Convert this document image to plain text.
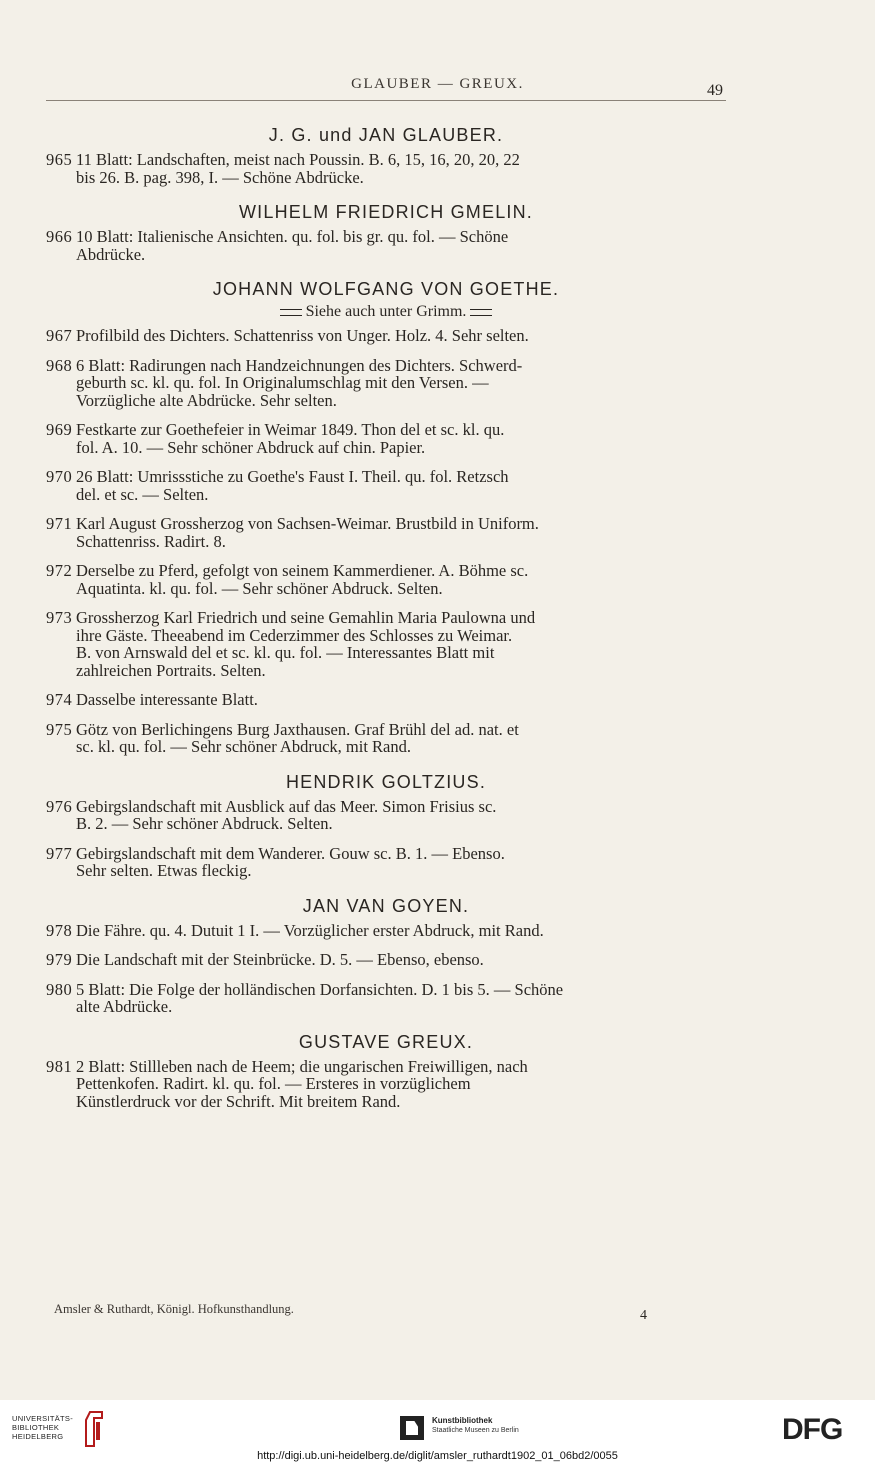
GLAUBER — GREUX.	49
J. G. und JAN GLAUBER.
965 11 Blatt: Landschaften, meist nach Poussin. B. 6, 15, 16, 20, 20, 22
bis 26. B. pag. 398, I. — Schöne Abdrücke.
WILHELM FRIEDRICH GMELIN.
966 10 Blatt: Italienische Ansichten. qu. fol. bis gr. qu. fol. — Schöne
Abdrücke.
JOHANN WOLFGANG VON GOETHE.
Siehe auch unter Grimm.
967 Profilbild des Dichters. Schattenriss von Unger. Holz. 4. Sehr selten.
968 6 Blatt: Radirungen nach Handzeichnungen des Dichters. Schwerd-
geburth sc. kl. qu. fol. In Originalumschlag mit den Versen. —
Vorzügliche alte Abdrücke. Sehr selten.
969 Festkarte zur Goethefeier in Weimar 1849. Thon del et sc. kl. qu.
fol. A. 10. — Sehr schöner Abdruck auf chin. Papier.
970 26 Blatt: Umrissstiche zu Goethe's Faust I. Theil. qu. fol. Retzsch
del. et sc. — Selten.
971 Karl August Grossherzog von Sachsen-Weimar. Brustbild in Uniform.
Schattenriss. Radirt. 8.
972 Derselbe zu Pferd, gefolgt von seinem Kammerdiener. A. Böhme sc.
Aquatinta. kl. qu. fol. — Sehr schöner Abdruck. Selten.
973 Grossherzog Karl Friedrich und seine Gemahlin Maria Paulowna und
ihre Gäste. Theeabend im Cederzimmer des Schlosses zu Weimar.
B. von Arnswald del et sc. kl. qu. fol. — Interessantes Blatt mit
zahlreichen Portraits. Selten.
974 Dasselbe interessante Blatt.
975 Götz von Berlichingens Burg Jaxthausen. Graf Brühl del ad. nat. et
sc. kl. qu. fol. — Sehr schöner Abdruck, mit Rand.
HENDRIK GOLTZIUS.
976 Gebirgslandschaft mit Ausblick auf das Meer. Simon Frisius sc.
B. 2. — Sehr schöner Abdruck. Selten.
977 Gebirgslandschaft mit dem Wanderer. Gouw sc. B. 1. — Ebenso.
Sehr selten. Etwas fleckig.
JAN VAN GOYEN.
978 Die Fähre. qu. 4. Dutuit 1 I. — Vorzüglicher erster Abdruck, mit Rand.
979 Die Landschaft mit der Steinbrücke. D. 5. — Ebenso, ebenso.
980 5 Blatt: Die Folge der holländischen Dorfansichten. D. 1 bis 5. — Schöne
alte Abdrücke.
GUSTAVE GREUX.
981 2 Blatt: Stillleben nach de Heem; die ungarischen Freiwilligen, nach
Pettenkofen. Radirt. kl. qu. fol. — Ersteres in vorzüglichem
Künstlerdruck vor der Schrift. Mit breitem Rand.
Amsler & Ruthardt, Königl. Hofkunsthandlung.	4
UNIVERSITÄTS-
BIBLIOTHEK
HEIDELBERG
Kunstbibliothek
Staatliche Museen zu Berlin	DFG
http://digi.ub.uni-heidelberg.de/diglit/amsler_ruthardt1902_01_06bd2/0055
